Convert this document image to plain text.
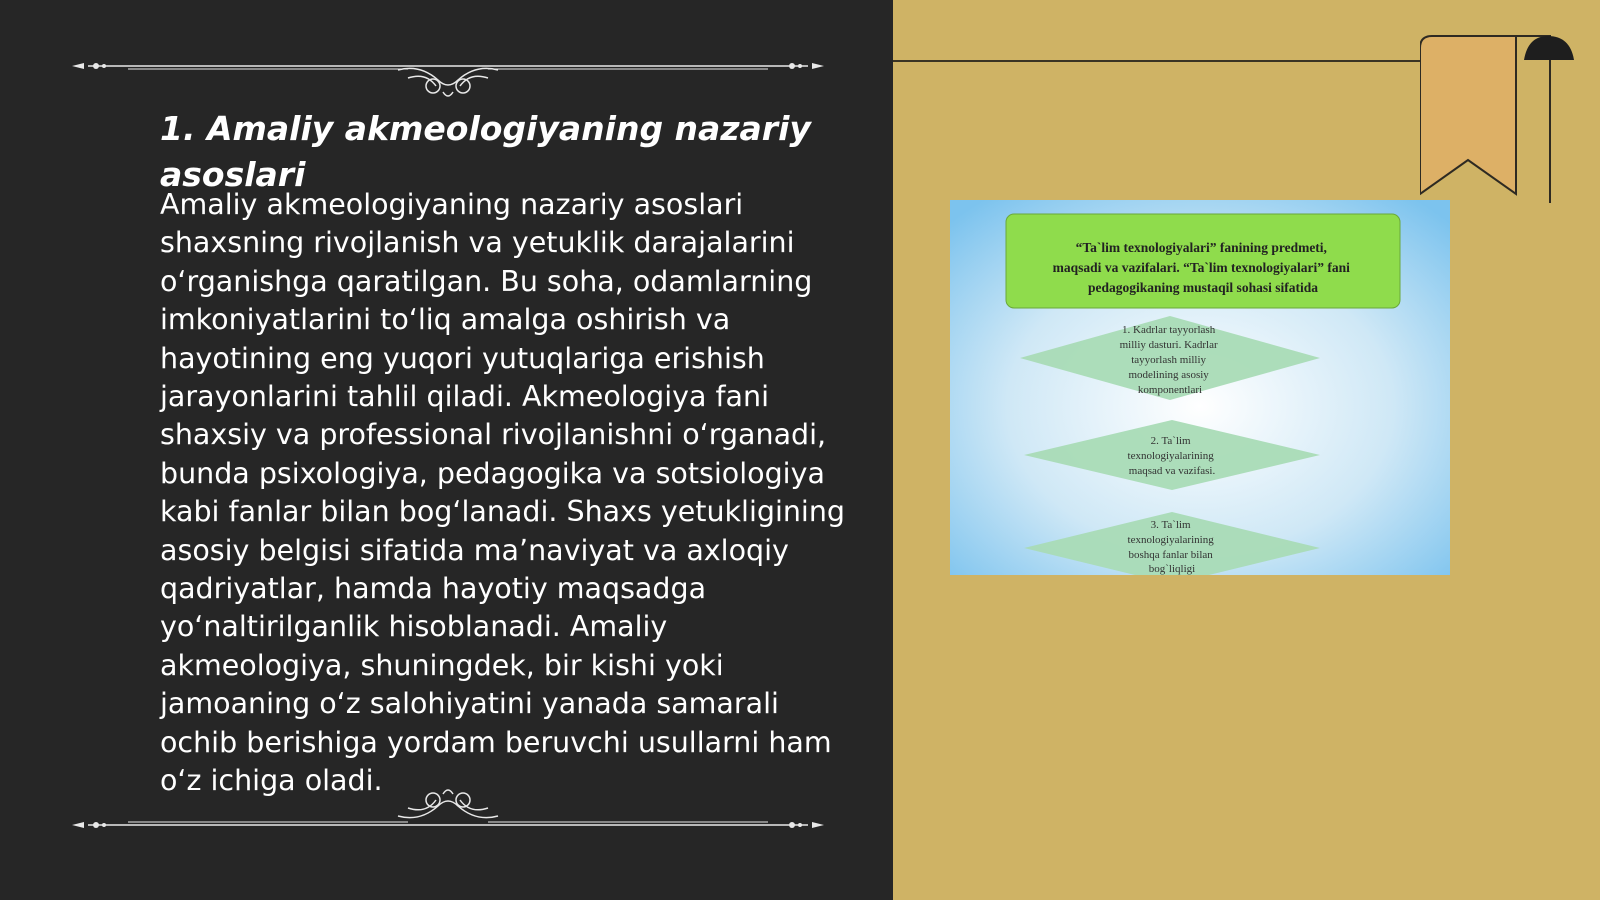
1. Amaliy akmeologiyaning nazariy asoslari

Amaliy akmeologiyaning nazariy asoslari shaxsning rivojlanish va yetuklik darajalarini oʻrganishga qaratilgan. Bu soha, odamlarning imkoniyatlarini toʻliq amalga oshirish va hayotining eng yuqori yutuqlariga erishish jarayonlarini tahlil qiladi. Akmeologiya fani shaxsiy va professional rivojlanishni oʻrganadi, bunda psixologiya, pedagogika va sotsiologiya kabi fanlar bilan bogʻlanadi. Shaxs yetukligining asosiy belgisi sifatida maʼnaviyat va axloqiy qadriyatlar, hamda hayotiy maqsadga yoʻnaltirilganlik hisoblanadi. Amaliy akmeologiya, shuningdek, bir kishi yoki jamoaning oʻz salohiyatini yanada samarali ochib berishiga yordam beruvchi usullarni ham oʻz ichiga oladi.

“Ta`lim texnologiyalari” fanining predmeti, maqsadi va vazifalari. “Ta`lim texnologiyalari” fani pedagogikaning mustaqil sohasi sifatida
1. Kadrlar tayyorlash milliy dasturi. Kadrlar tayyorlash milliy modelining asosiy komponentlari
2. Ta`lim texnologiyalarining maqsad va vazifasi.
3. Ta`lim texnologiyalarining boshqa fanlar bilan bog`liqligi
